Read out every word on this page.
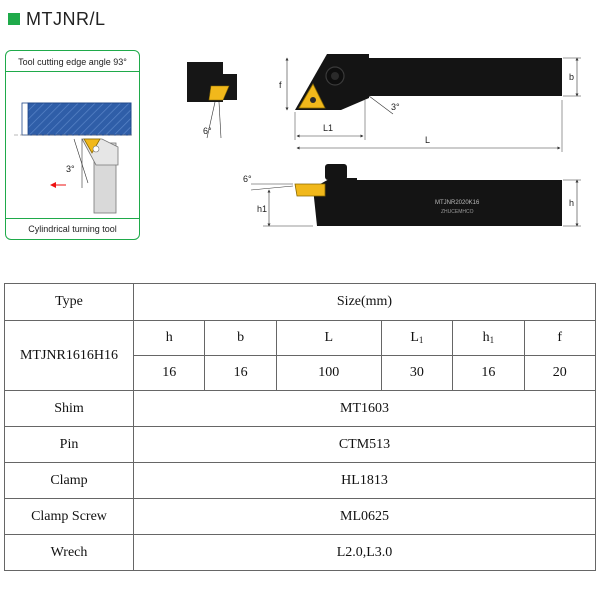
MTJNR/L
Tool cutting edge angle 93°
3°
Cylindrical turning tool
6°
f
b
3°
L1
L
MTJNR2020K16
ZHUCEMHCO
6°
h1
h
Type	Size(mm)					
MTJNR1616H16	h	b	L	$L_1$	$h_1$	f
	16	16	100	30	16	20
Shim	MT1603					
Pin	CTM513					
Clamp	HL1813					
Clamp Screw	ML0625					
Wrech	L2.0,L3.0					
